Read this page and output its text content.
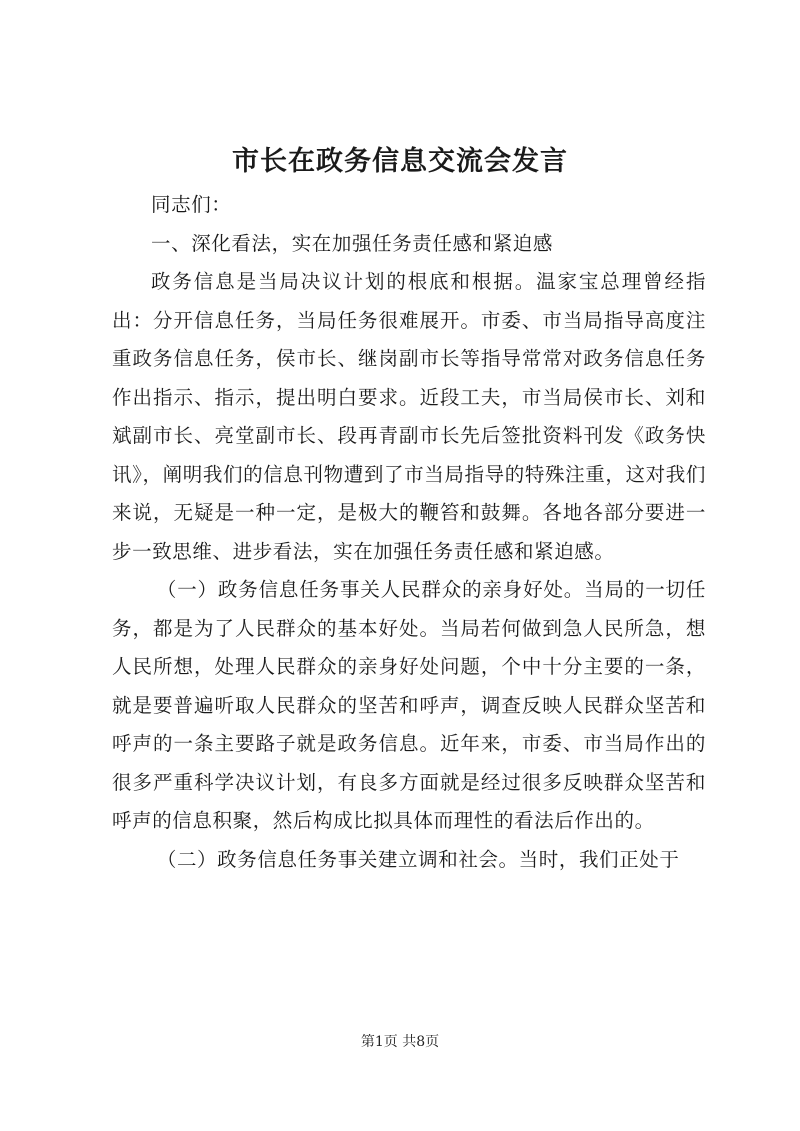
市长在政务信息交流会发言

同志们：

一、深化看法，实在加强任务责任感和紧迫感

政务信息是当局决议计划的根底和根据。温家宝总理曾经指出：分开信息任务，当局任务很难展开。市委、市当局指导高度注重政务信息任务，侯市长、继岗副市长等指导常常对政务信息任务作出指示、指示，提出明白要求。近段工夫，市当局侯市长、刘和斌副市长、亮堂副市长、段再青副市长先后签批资料刊发《政务快讯》，阐明我们的信息刊物遭到了市当局指导的特殊注重，这对我们来说，无疑是一种一定，是极大的鞭笞和鼓舞。各地各部分要进一步一致思维、进步看法，实在加强任务责任感和紧迫感。

（一）政务信息任务事关人民群众的亲身好处。当局的一切任务，都是为了人民群众的基本好处。当局若何做到急人民所急，想人民所想，处理人民群众的亲身好处问题，个中十分主要的一条，就是要普遍听取人民群众的坚苦和呼声，调查反映人民群众坚苦和呼声的一条主要路子就是政务信息。近年来，市委、市当局作出的很多严重科学决议计划，有良多方面就是经过很多反映群众坚苦和呼声的信息积聚，然后构成比拟具体而理性的看法后作出的。

（二）政务信息任务事关建立调和社会。当时，我们正处于

第1页 共8页
